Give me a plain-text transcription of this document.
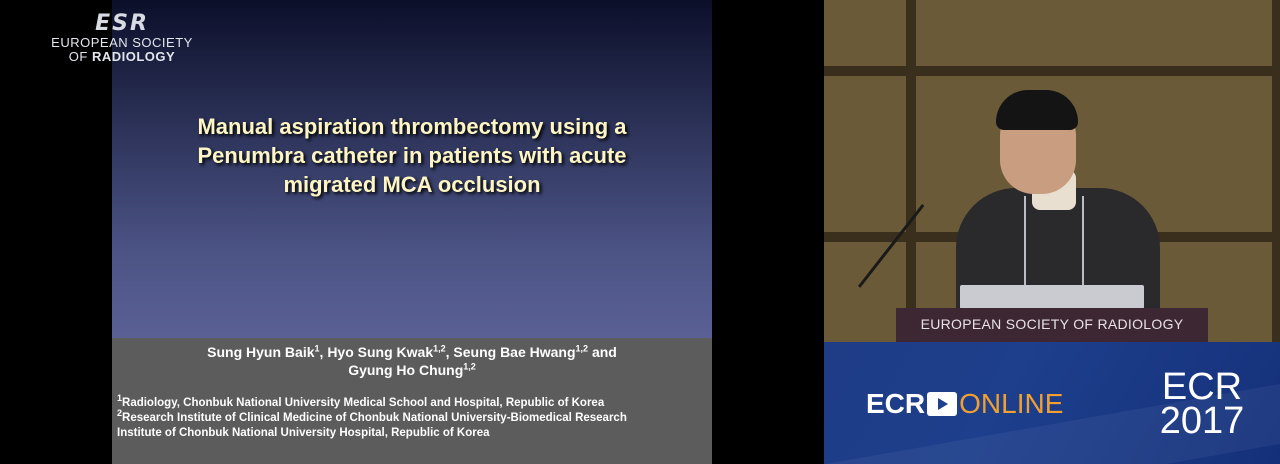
Manual aspiration thrombectomy using a
Penumbra catheter in patients with acute
migrated MCA occlusion
Sung Hyun Baik$^1$, Hyo Sung Kwak$^{1,2}$, Seung Bae Hwang$^{1,2}$ and
Gyung Ho Chung$^{1,2}$
$^1$Radiology, Chonbuk National University Medical School and Hospital, Republic of Korea
$^2$Research Institute of Clinical Medicine of Chonbuk National University-Biomedical Research
Institute of Chonbuk National University Hospital, Republic of Korea
ESR
EUROPEAN SOCIETY
OF RADIOLOGY
EUROPEAN SOCIETY OF RADIOLOGY
ECR ONLINE	ECR
2017
